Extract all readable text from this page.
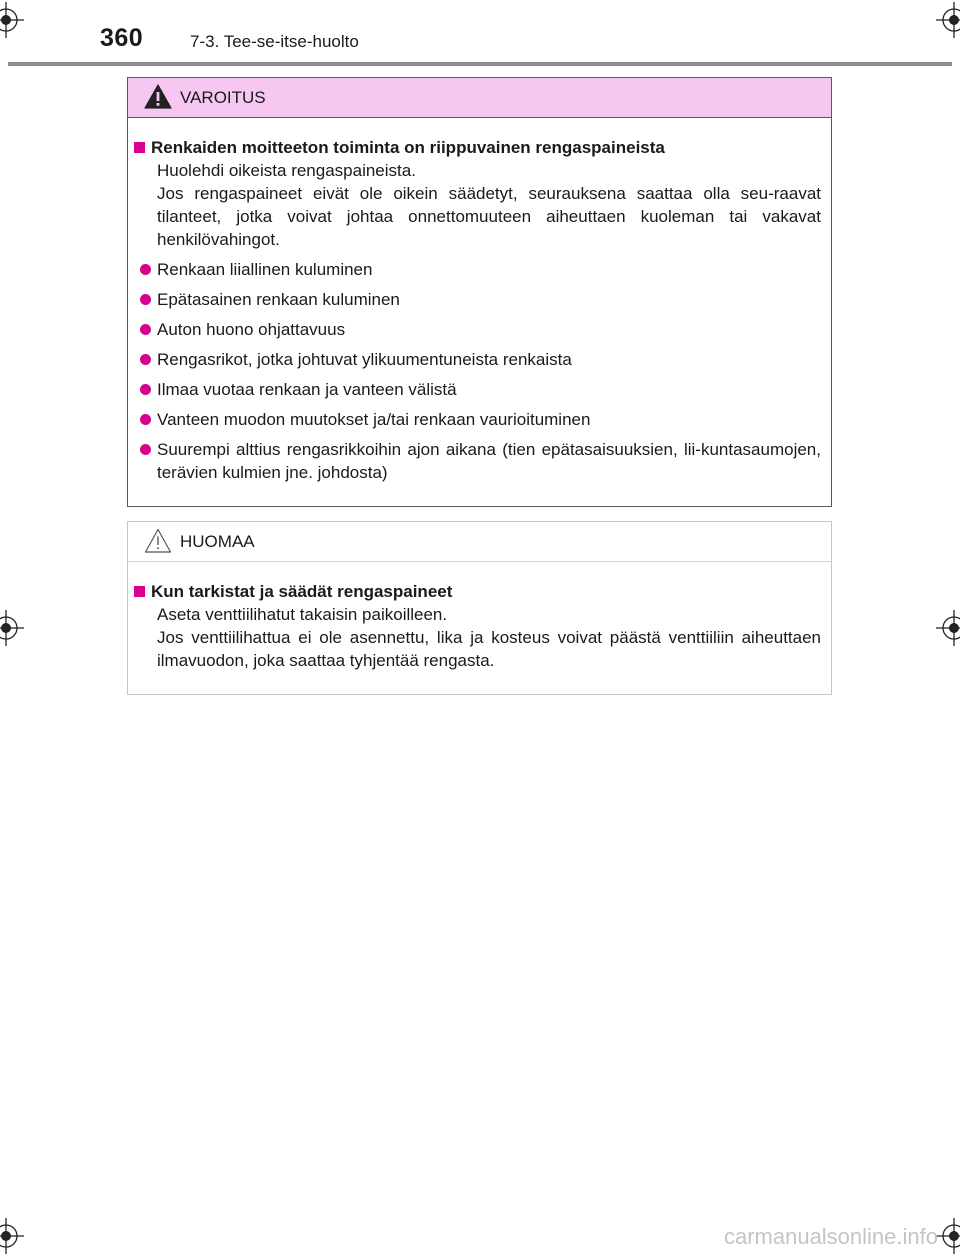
360	7-3. Tee-se-itse-huolto
VAROITUS
Renkaiden moitteeton toiminta on riippuvainen rengaspaineista
Huolehdi oikeista rengaspaineista.
Jos rengaspaineet eivät ole oikein säädetyt, seurauksena saattaa olla seu-raavat tilanteet, jotka voivat johtaa onnettomuuteen aiheuttaen kuoleman tai vakavat henkilövahingot.
Renkaan liiallinen kuluminen
Epätasainen renkaan kuluminen
Auton huono ohjattavuus
Rengasrikot, jotka johtuvat ylikuumentuneista renkaista
Ilmaa vuotaa renkaan ja vanteen välistä
Vanteen muodon muutokset ja/tai renkaan vaurioituminen
Suurempi alttius rengasrikkoihin ajon aikana (tien epätasaisuuksien, lii-kuntasaumojen, terävien kulmien jne. johdosta)
HUOMAA
Kun tarkistat ja säädät rengaspaineet
Aseta venttiilihatut takaisin paikoilleen.
Jos venttiilihattua ei ole asennettu, lika ja kosteus voivat päästä venttiiliin aiheuttaen ilmavuodon, joka saattaa tyhjentää rengasta.
carmanualsonline.info
